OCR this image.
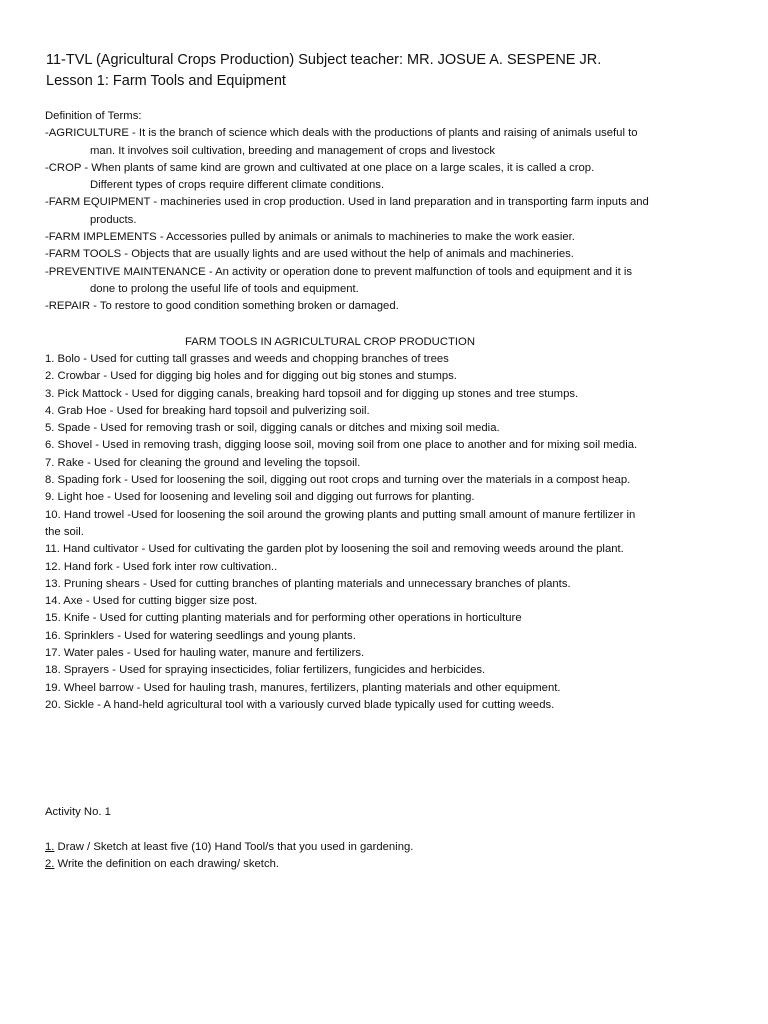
11-TVL (Agricultural Crops Production) Subject teacher: MR. JOSUE A. SESPENE JR.
Lesson 1: Farm Tools and Equipment
Definition of Terms:
-AGRICULTURE - It is the branch of science which deals with the productions of plants and raising of animals useful to
man. It involves soil cultivation, breeding and management of crops and livestock
-CROP - When plants of same kind are grown and cultivated at one place on a large scales, it is called a crop.
Different types of crops require different climate conditions.
-FARM EQUIPMENT - machineries used in crop production. Used in land preparation and in transporting farm inputs and
products.
-FARM IMPLEMENTS - Accessories pulled by animals or animals to machineries to make the work easier.
-FARM TOOLS - Objects that are usually lights and are used without the help of animals and machineries.
-PREVENTIVE MAINTENANCE - An activity or operation done to prevent malfunction of tools and equipment and it is
done to prolong the useful life of tools and equipment.
-REPAIR - To restore to good condition something broken or damaged.
FARM TOOLS IN AGRICULTURAL CROP PRODUCTION
1. Bolo - Used for cutting tall grasses and weeds and chopping branches of trees
2. Crowbar - Used for digging big holes and for digging out big stones and stumps.
3. Pick Mattock - Used for digging canals, breaking hard topsoil and for digging up stones and tree stumps.
4. Grab Hoe - Used for breaking hard topsoil and pulverizing soil.
5. Spade - Used for removing trash or soil, digging canals or ditches and mixing soil media.
6. Shovel - Used in removing trash, digging loose soil, moving soil from one place to another and for mixing soil media.
7. Rake - Used for cleaning the ground and leveling the topsoil.
8. Spading fork - Used for loosening the soil, digging out root crops and turning over the materials in a compost heap.
9. Light hoe - Used for loosening and leveling soil and digging out furrows for planting.
10. Hand trowel -Used for loosening the soil around the growing plants and putting small amount of manure fertilizer in
the soil.
11. Hand cultivator - Used for cultivating the garden plot by loosening the soil and removing weeds around the plant.
12. Hand fork - Used fork inter row cultivation..
13. Pruning shears - Used for cutting branches of planting materials and unnecessary branches of plants.
14. Axe - Used for cutting bigger size post.
15. Knife - Used for cutting planting materials and for performing other operations in horticulture
16. Sprinklers - Used for watering seedlings and young plants.
17. Water pales - Used for hauling water, manure and fertilizers.
18. Sprayers - Used for spraying insecticides, foliar fertilizers, fungicides and herbicides.
19. Wheel barrow - Used for hauling trash, manures, fertilizers, planting materials and other equipment.
20. Sickle - A hand-held agricultural tool with a variously curved blade typically used for cutting weeds.
Activity No. 1
1. Draw / Sketch at least five (10) Hand Tool/s that you used in gardening.
2. Write the definition on each drawing/ sketch.
